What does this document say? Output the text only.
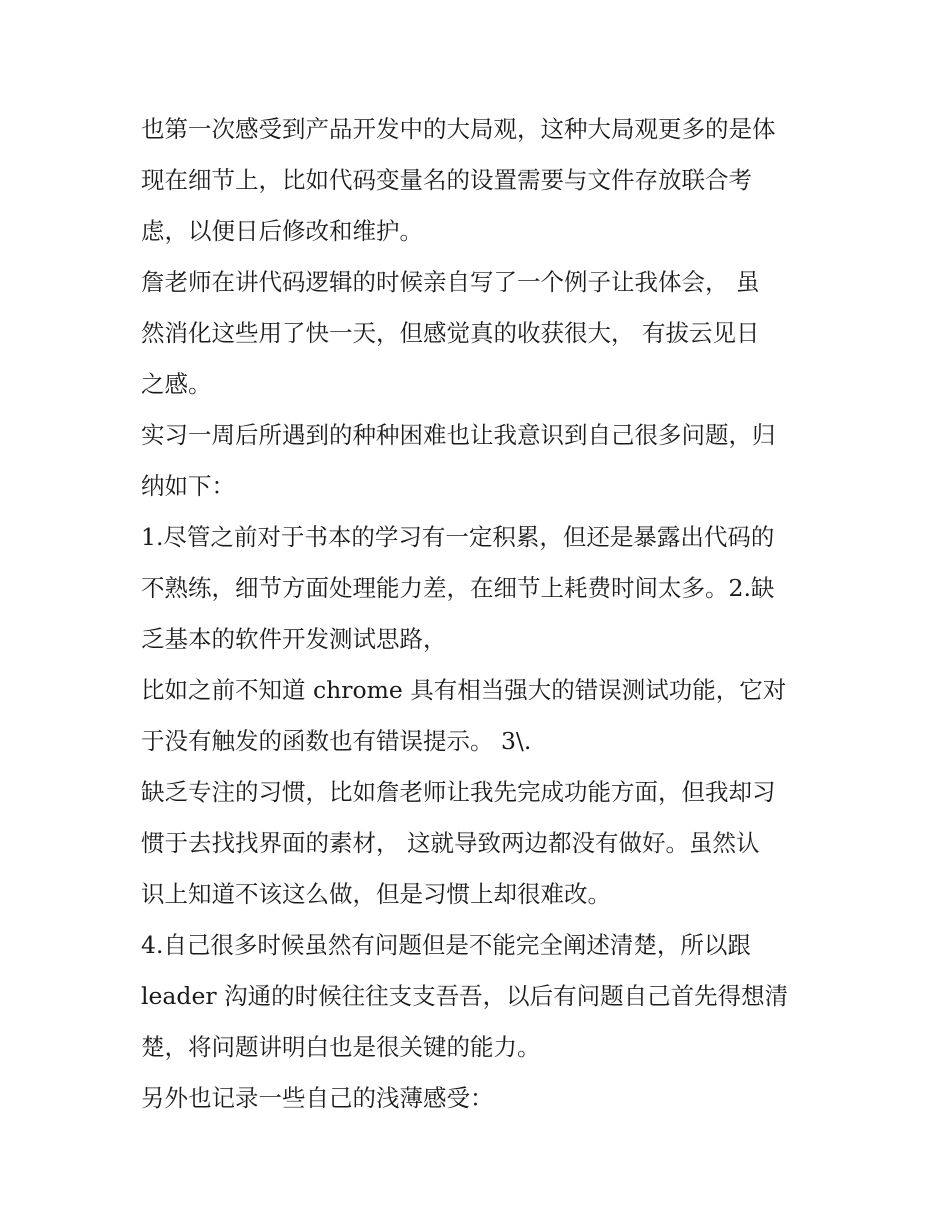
也第一次感受到产品开发中的大局观，这种大局观更多的是体
现在细节上，比如代码变量名的设置需要与文件存放联合考
虑，以便日后修改和维护。

詹老师在讲代码逻辑的时候亲自写了一个例子让我体会， 虽
然消化这些用了快一天，但感觉真的收获很大， 有拔云见日
之感。

实习一周后所遇到的种种困难也让我意识到自己很多问题，归
纳如下：

1.尽管之前对于书本的学习有一定积累，但还是暴露出代码的
不熟练，细节方面处理能力差，在细节上耗费时间太多。2.缺
乏基本的软件开发测试思路，

比如之前不知道 chrome 具有相当强大的错误测试功能，它对
于没有触发的函数也有错误提示。 3\.

缺乏专注的习惯，比如詹老师让我先完成功能方面，但我却习
惯于去找找界面的素材， 这就导致两边都没有做好。虽然认
识上知道不该这么做，但是习惯上却很难改。

4.自己很多时候虽然有问题但是不能完全阐述清楚，所以跟
leader 沟通的时候往往支支吾吾，以后有问题自己首先得想清
楚，将问题讲明白也是很关键的能力。

另外也记录一些自己的浅薄感受：
